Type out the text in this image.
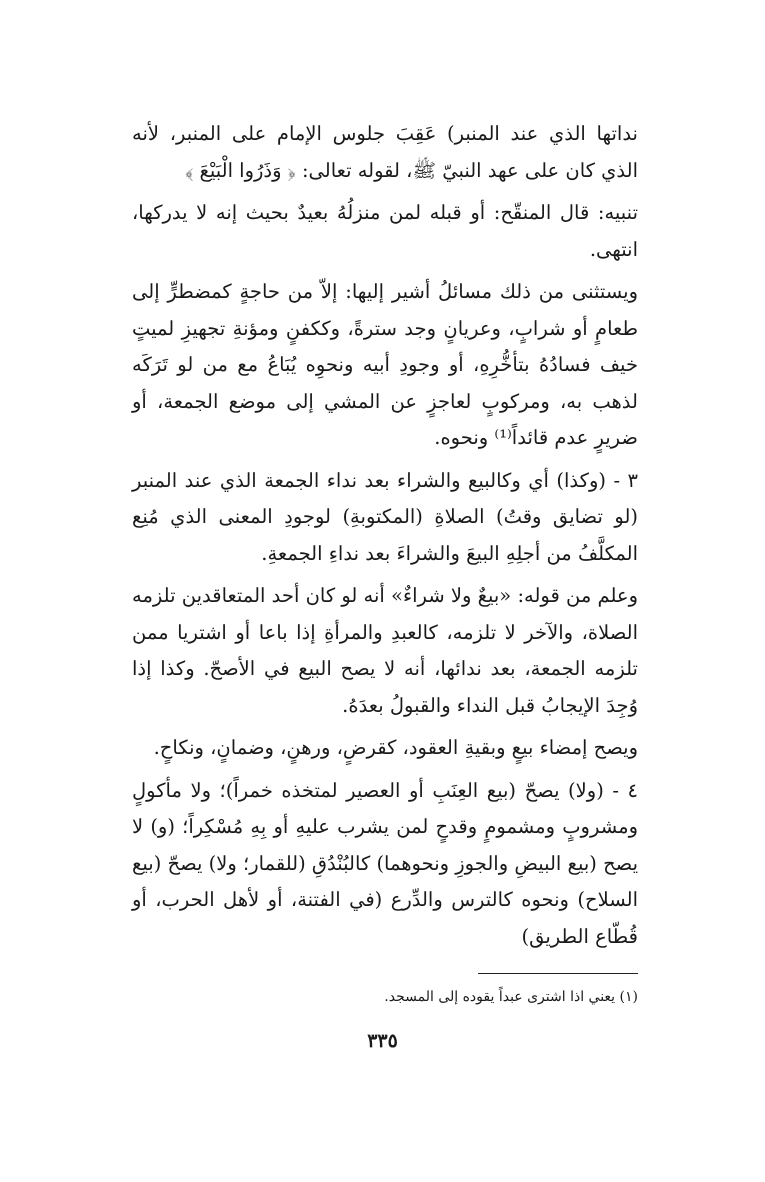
نداتها الذي عند المنبر) عَقِبَ جلوس الإمام على المنبر، لأنه الذي كان على عهد النبيّ ﷺ، لقوله تعالى: ﴿ وَذَرُوا الْبَيْعَ ﴾

تنبيه: قال المنقّح: أو قبله لمن منزلُهُ بعيدٌ بحيث إنه لا يدركها، انتهى.

ويستثنى من ذلك مسائلُ أشير إليها: إلاّ من حاجةٍ كمضطرٍّ إلى طعامٍ أو شرابٍ، وعريانٍ وجد سترةً، وككفنٍ ومؤنةِ تجهيزِ لميتٍ خيف فسادُهُ بتأخُّرِهِ، أو وجودِ أبيه ونحوِه يُبَاعُ مع من لو تَرَكَه لذهب به، ومركوبٍ لعاجزٍ عن المشي إلى موضع الجمعة، أو ضريرٍ عدم قائداً⁽¹⁾ ونحوه.

٣ - (وكذا) أي وكالبيع والشراء بعد نداء الجمعة الذي عند المنبر (لو تضايق وقتُ) الصلاةِ (المكتوبةِ) لوجودِ المعنى الذي مُنِع المكلَّفُ من أجلِهِ البيعَ والشراءَ بعد نداءِ الجمعةِ.

وعلم من قوله: «بيعٌ ولا شراءٌ» أنه لو كان أحد المتعاقدين تلزمه الصلاة، والآخر لا تلزمه، كالعبدِ والمرأةِ إذا باعا أو اشتريا ممن تلزمه الجمعة، بعد ندائها، أنه لا يصح البيع في الأصحّ. وكذا إذا وُجِدَ الإيجابُ قبل النداء والقبولُ بعدَهُ.

ويصح إمضاء بيعٍ وبقيةِ العقود، كقرضٍ، ورهنٍ، وضمانٍ، ونكاحٍ.

٤ - (ولا) يصحّ (بيع العِنَبِ أو العصير لمتخذه خمراً)؛ ولا مأكولٍ ومشروبٍ ومشمومٍ وقدحٍ لمن يشرب عليهِ أو بِهِ مُسْكِراً؛ (و) لا يصح (بيع البيضِ والجوزِ ونحوهما) كالبُنْدُقِ (للقمار؛ ولا) يصحّ (بيع السلاح) ونحوه كالترس والدِّرع (في الفتنة، أو لأهل الحرب، أو قُطّاع الطريق)

(١) يعني اذا اشترى عبداً يقوده إلى المسجد.
٣٣٥
